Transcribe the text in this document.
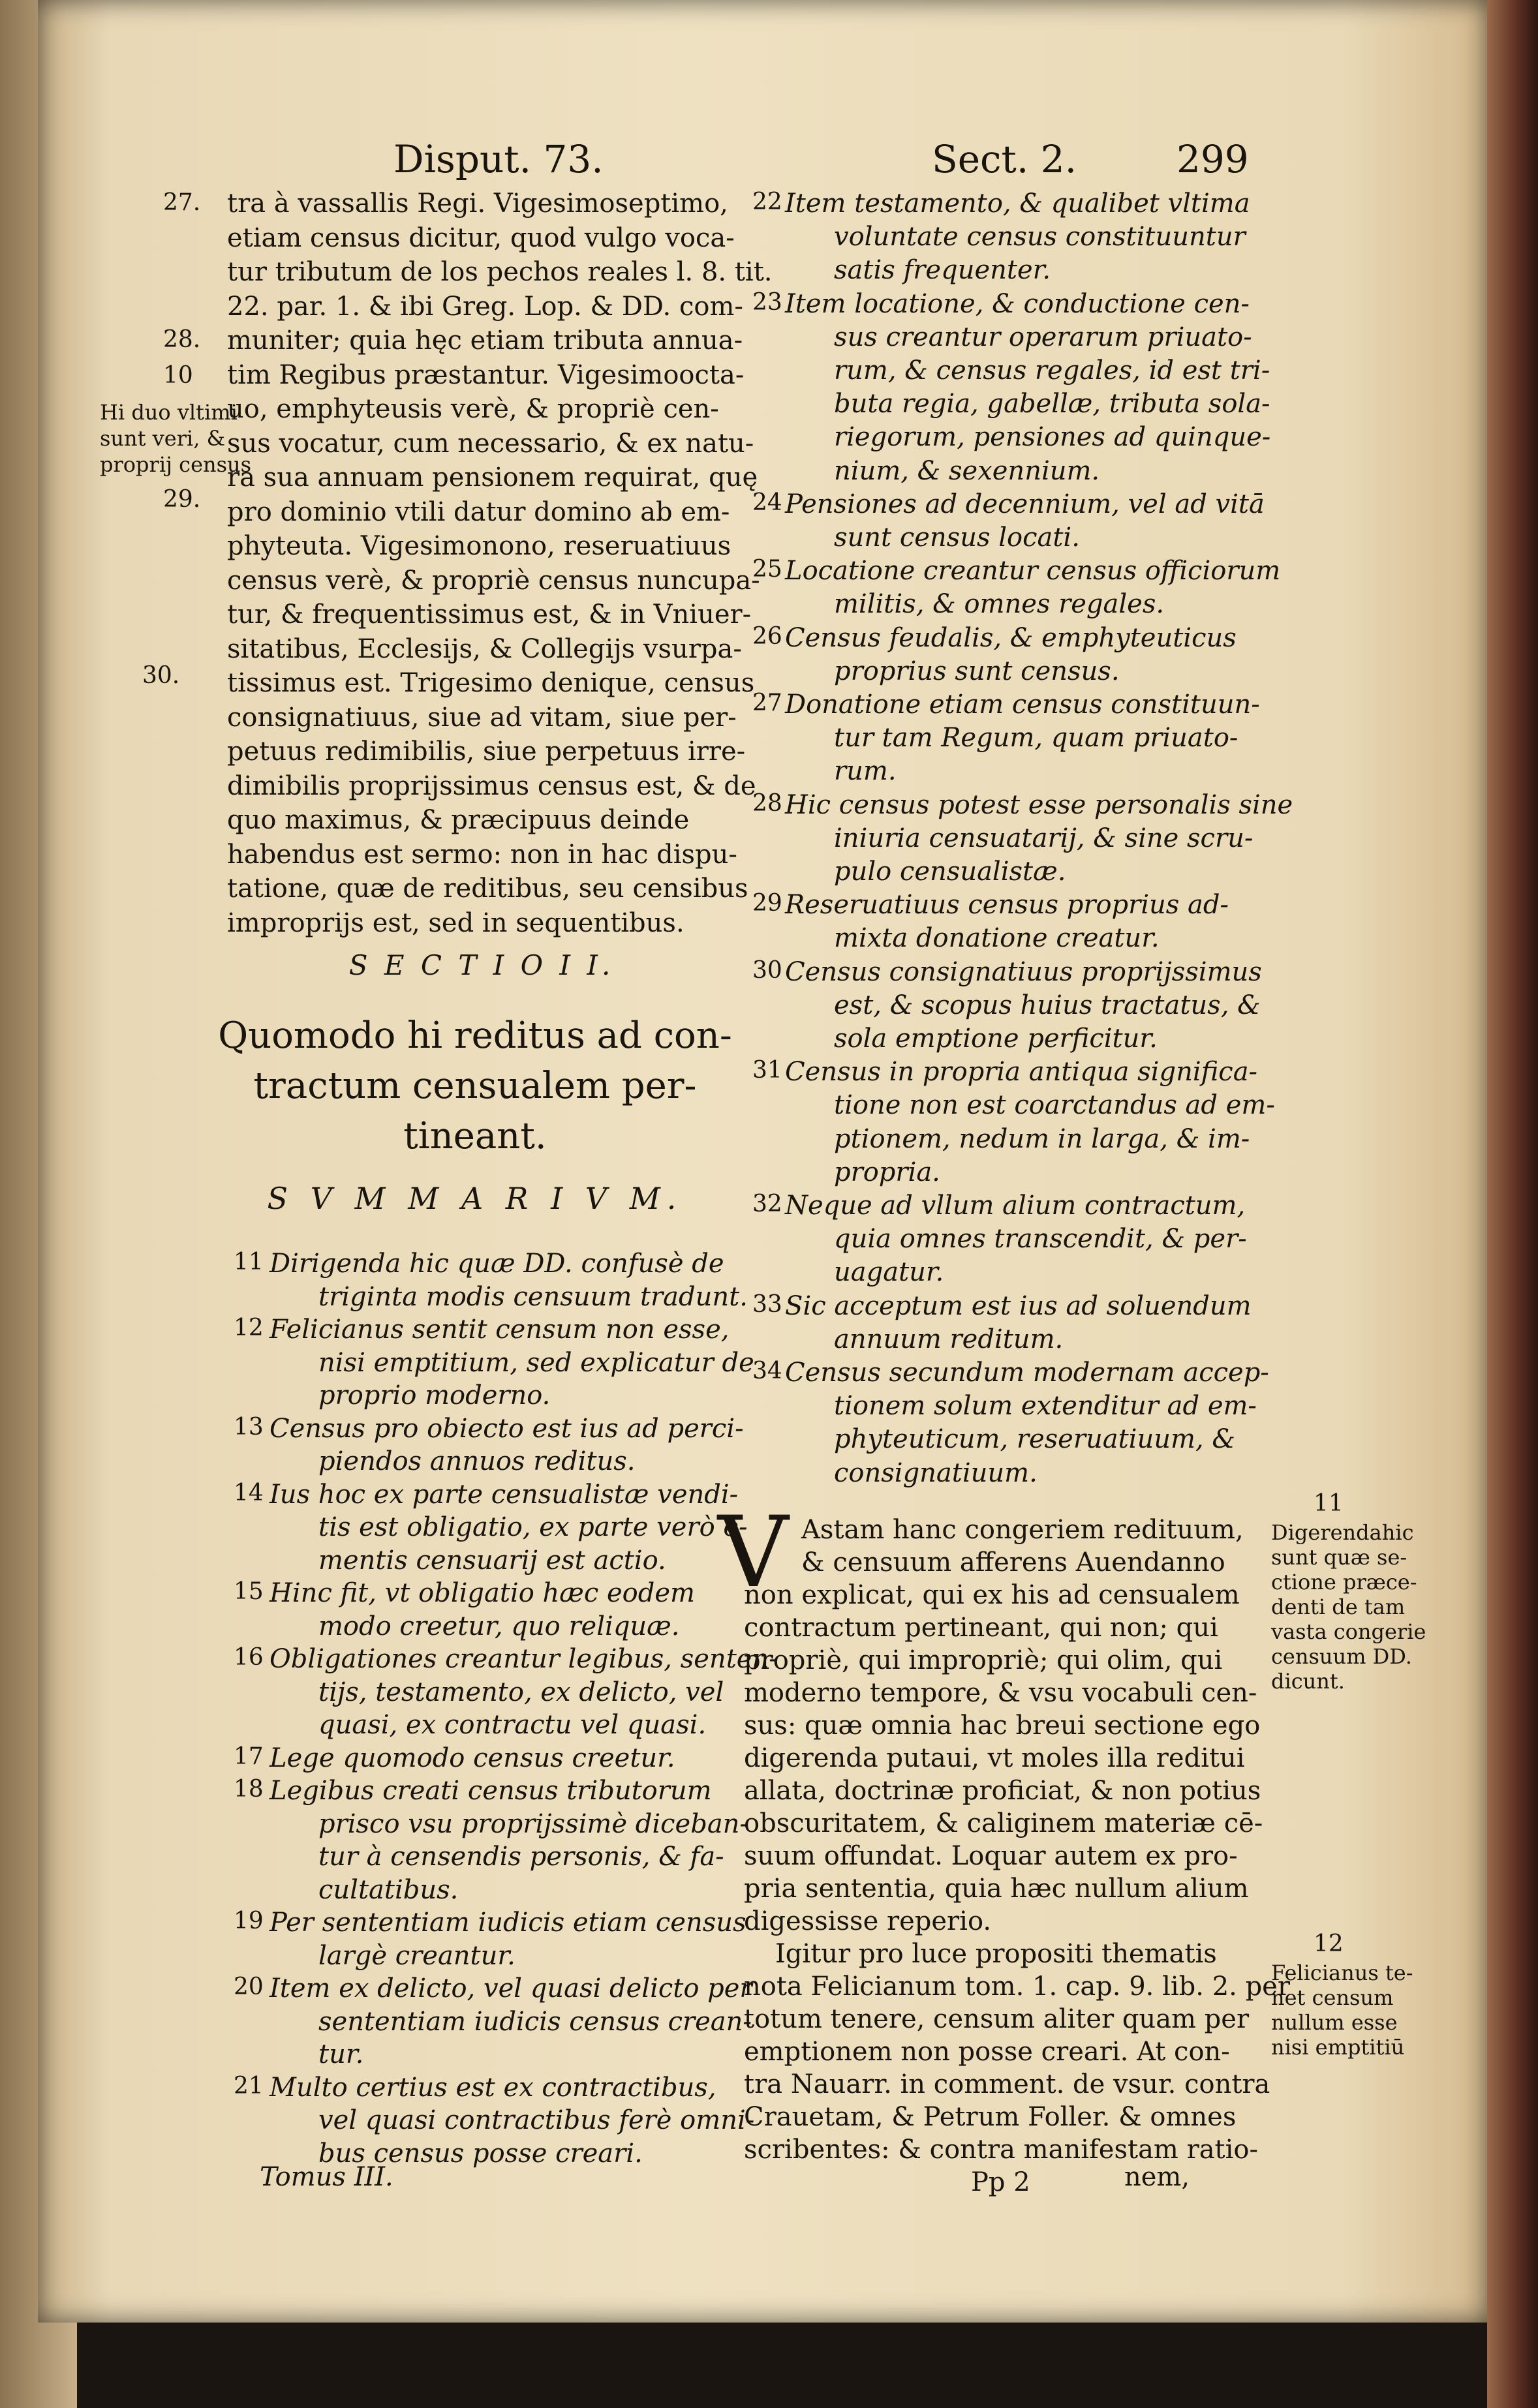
Disput. 73.	Sect. 2.	299
27.
28.
10
Hi duo vltimi
sunt veri, &
proprij census
29.
30.
tra à vassallis Regi. Vigesimoseptimo,
etiam census dicitur, quod vulgo voca-
tur tributum de los pechos reales l. 8. tit.
22. par. 1. & ibi Greg. Lop. & DD. com-
muniter; quia hęc etiam tributa annua-
tim Regibus præstantur. Vigesimoocta-
uo, emphyteusis verè, & propriè cen-
sus vocatur, cum necessario, & ex natu-
ra sua annuam pensionem requirat, quę
pro dominio vtili datur domino ab em-
phyteuta. Vigesimonono, reseruatiuus
census verè, & propriè census nuncupa-
tur, & frequentissimus est, & in Vniuer-
sitatibus, Ecclesijs, & Collegijs vsurpa-
tissimus est. Trigesimo denique, census
consignatiuus, siue ad vitam, siue per-
petuus redimibilis, siue perpetuus irre-
dimibilis proprijssimus census est, & de
quo maximus, & præcipuus deinde
habendus est sermo: non in hac dispu-
tatione, quæ de reditibus, seu censibus
improprijs est, sed in sequentibus.
S E C T I O I I.
Quomodo hi reditus ad con-
tractum censualem per-
tineant.
S V M M A R I V M.
11 Dirigenda hic quæ DD. confusè de
triginta modis censuum tradunt.
12 Felicianus sentit censum non esse,
nisi emptitium, sed explicatur de
proprio moderno.
13 Census pro obiecto est ius ad perci-
piendos annuos reditus.
14 Ius hoc ex parte censualistæ vendi-
tis est obligatio, ex parte verò e-
mentis censuarij est actio.
15 Hinc fit, vt obligatio hæc eodem
modo creetur, quo reliquæ.
16 Obligationes creantur legibus, senten-
tijs, testamento, ex delicto, vel
quasi, ex contractu vel quasi.
17 Lege quomodo census creetur.
18 Legibus creati census tributorum
prisco vsu proprijssimè diceban-
tur à censendis personis, & fa-
cultatibus.
19 Per sententiam iudicis etiam census
largè creantur.
20 Item ex delicto, vel quasi delicto per
sententiam iudicis census crean-
tur.
21 Multo certius est ex contractibus,
vel quasi contractibus ferè omni-
bus census posse creari.
Tomus III.
22 Item testamento, & qualibet vltima
voluntate census constituuntur
satis frequenter.
23 Item locatione, & conductione cen-
sus creantur operarum priuato-
rum, & census regales, id est tri-
buta regia, gabellæ, tributa sola-
riegorum, pensiones ad quinque-
nium, & sexennium.
24 Pensiones ad decennium, vel ad vitā
sunt census locati.
25 Locatione creantur census officiorum
militis, & omnes regales.
26 Census feudalis, & emphyteuticus
proprius sunt census.
27 Donatione etiam census constituun-
tur tam Regum, quam priuato-
rum.
28 Hic census potest esse personalis sine
iniuria censuatarij, & sine scru-
pulo censualistæ.
29 Reseruatiuus census proprius ad-
mixta donatione creatur.
30 Census consignatiuus proprijssimus
est, & scopus huius tractatus, &
sola emptione perficitur.
31 Census in propria antiqua significa-
tione non est coarctandus ad em-
ptionem, nedum in larga, & im-
propria.
32 Neque ad vllum alium contractum,
quia omnes transcendit, & per-
uagatur.
33 Sic acceptum est ius ad soluendum
annuum reditum.
34 Census secundum modernam accep-
tionem solum extenditur ad em-
phyteuticum, reseruatiuum, &
consignatiuum.
V Astam hanc congeriem redituum,
& censuum afferens Auendanno
non explicat, qui ex his ad censualem
contractum pertineant, qui non; qui
propriè, qui impropriè; qui olim, qui
moderno tempore, & vsu vocabuli cen-
sus: quæ omnia hac breui sectione ego
digerenda putaui, vt moles illa reditui
allata, doctrinæ proficiat, & non potius
obscuritatem, & caliginem materiæ cē-
suum offundat. Loquar autem ex pro-
pria sententia, quia hæc nullum alium
digessisse reperio.
Igitur pro luce propositi thematis
nota Felicianum tom. 1. cap. 9. lib. 2. per
totum tenere, censum aliter quam per
emptionem non posse creari. At con-
tra Nauarr. in comment. de vsur. contra
Crauetam, & Petrum Foller. & omnes
scribentes: & contra manifestam ratio-
Pp 2	nem,
11
Digerendahic
sunt quæ se-
ctione præce-
denti de tam
vasta congerie
censuum DD.
dicunt.
12
Felicianus te-
net censum
nullum esse
nisi emptitiū
